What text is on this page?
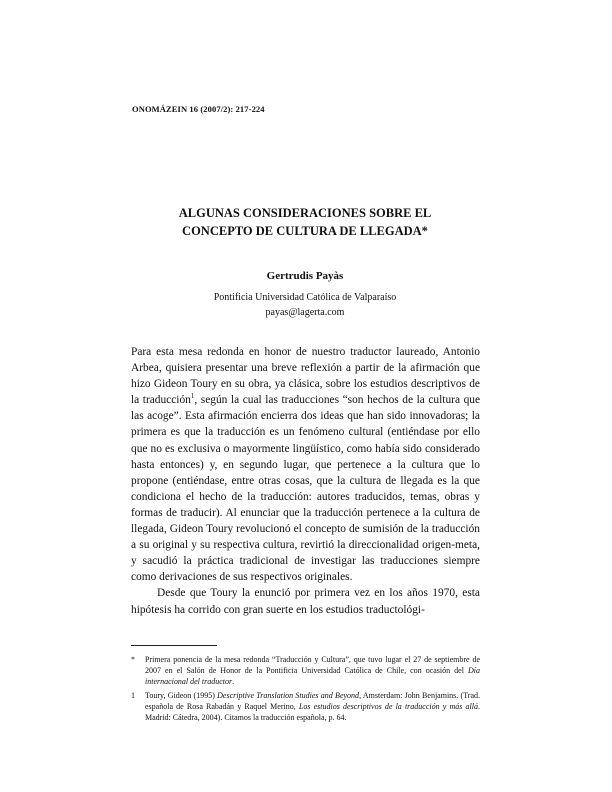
ONOMÁZEIN 16 (2007/2): 217-224
ALGUNAS CONSIDERACIONES SOBRE EL
CONCEPTO DE CULTURA DE LLEGADA*
Gertrudis Payàs
Pontificia Universidad Católica de Valparaíso
payas@lagerta.com

Para esta mesa redonda en honor de nuestro traductor laureado, Antonio Arbea, quisiera presentar una breve reflexión a partir de la afirmación que hizo Gideon Toury en su obra, ya clásica, sobre los estudios descriptivos de la traducción$^1$, según la cual las traducciones “son hechos de la cultura que las acoge”. Esta afirmación encierra dos ideas que han sido innovadoras; la primera es que la traducción es un fenómeno cultural (entiéndase por ello que no es exclusiva o mayormente lingüístico, como había sido considerado hasta entonces) y, en segundo lugar, que pertenece a la cultura que lo propone (entiéndase, entre otras cosas, que la cultura de llegada es la que condiciona el hecho de la traducción: autores traducidos, temas, obras y formas de traducir). Al enunciar que la traducción pertenece a la cultura de llegada, Gideon Toury revolucionó el concepto de sumisión de la traducción a su original y su respectiva cultura, revirtió la direccionalidad origen-meta, y sacudió la práctica tradicional de investigar las traducciones siempre como derivaciones de sus respectivos originales.

Desde que Toury la enunció por primera vez en los años 1970, esta hipótesis ha corrido con gran suerte en los estudios traductológi-

* Primera ponencia de la mesa redonda “Traducción y Cultura”, que tuvo lugar el 27 de septiembre de 2007 en el Salón de Honor de la Pontificia Universidad Católica de Chile, con ocasión del Día internacional del traductor.
1 Toury, Gideon (1995) Descriptive Translation Studies and Beyond, Amsterdam: John Benjamins. (Trad. española de Rosa Rabadán y Raquel Merino, Los estudios descriptivos de la traducción y más allá. Madrid: Cátedra, 2004). Citamos la traducción española, p. 64.
